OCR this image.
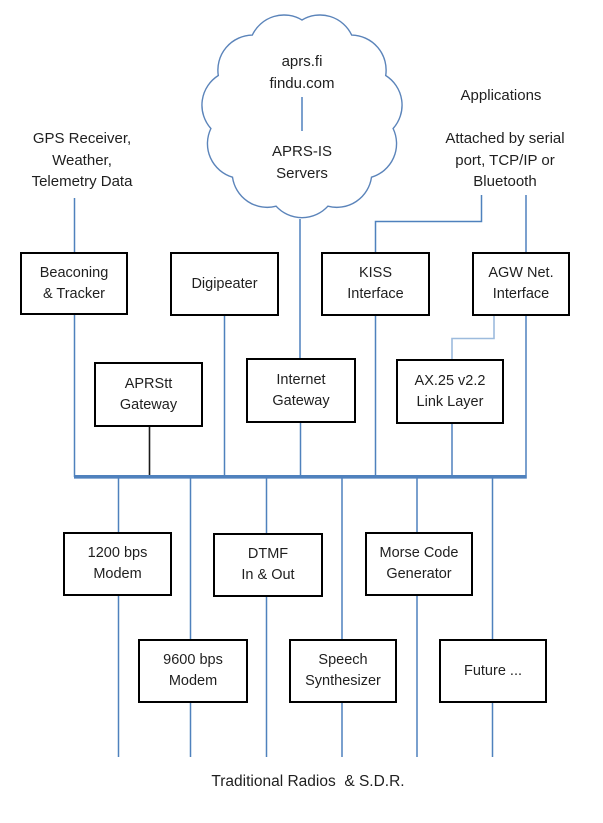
aprs.fi
findu.com
APRS-IS
Servers
GPS Receiver,
Weather,
Telemetry Data
Applications
Attached by serial
port, TCP/IP or
Bluetooth
Beaconing
& Tracker
Digipeater
KISS
Interface
AGW Net.
Interface
APRStt
Gateway
Internet
Gateway
AX.25 v2.2
Link Layer
1200 bps
Modem
DTMF
In & Out
Morse Code
Generator
9600 bps
Modem
Speech
Synthesizer
Future ...
Traditional Radios  & S.D.R.
